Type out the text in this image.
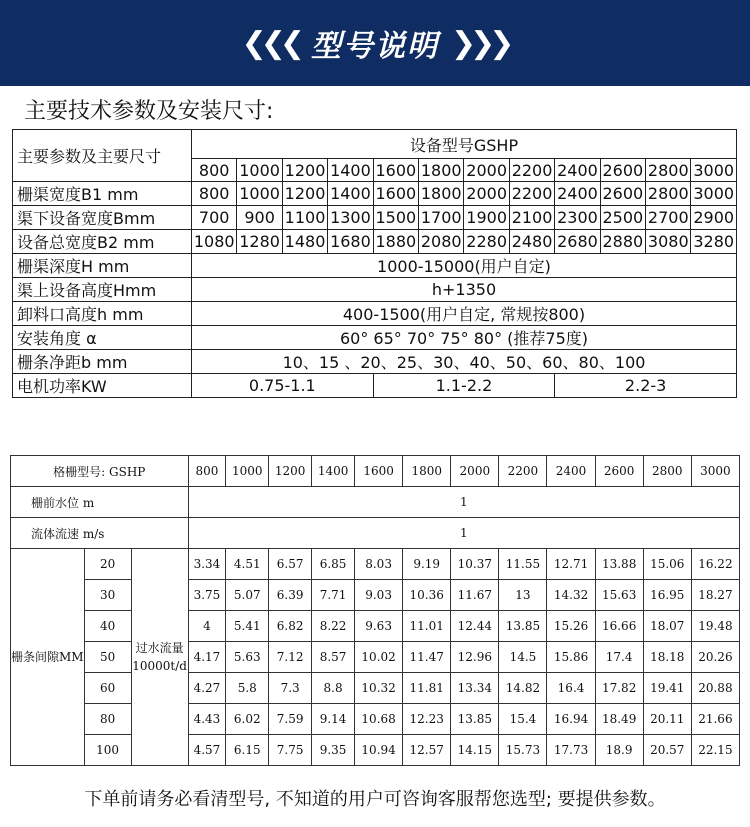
❮❮❮ 型号说明 ❯❯❯
主要技术参数及安装尺寸:
主要参数及主要尺寸	设备型号GSHP											
	800	1000	1200	1400	1600	1800	2000	2200	2400	2600	2800	3000
栅渠宽度B1 mm	800	1000	1200	1400	1600	1800	2000	2200	2400	2600	2800	3000
渠下设备宽度Bmm	700	900	1100	1300	1500	1700	1900	2100	2300	2500	2700	2900
设备总宽度B2 mm	1080	1280	1480	1680	1880	2080	2280	2480	2680	2880	3080	3280
栅渠深度H mm	1000-15000(用户自定)											
渠上设备高度Hmm	h+1350											
卸料口高度h mm	400-1500(用户自定, 常规按800)											
安装角度 α	60° 65° 70° 75° 80° (推荐75度)											
栅条净距b mm	10、15 、20、25、30、40、50、60、80、100											
电机功率KW	0.75-1.1				1.1-2.2				2.2-3			
格栅型号: GSHP			800	1000	1200	1400	1600	1800	2000	2200	2400	2600	2800	3000
栅前水位 m			1											
流体流速 m/s			1											
栅条间隙MM	20	过水流量10000t/d	3.34	4.51	6.57	6.85	8.03	9.19	10.37	11.55	12.71	13.88	15.06	16.22
	30		3.75	5.07	6.39	7.71	9.03	10.36	11.67	13	14.32	15.63	16.95	18.27
	40		4	5.41	6.82	8.22	9.63	11.01	12.44	13.85	15.26	16.66	18.07	19.48
	50		4.17	5.63	7.12	8.57	10.02	11.47	12.96	14.5	15.86	17.4	18.18	20.26
	60		4.27	5.8	7.3	8.8	10.32	11.81	13.34	14.82	16.4	17.82	19.41	20.88
	80		4.43	6.02	7.59	9.14	10.68	12.23	13.85	15.4	16.94	18.49	20.11	21.66
	100		4.57	6.15	7.75	9.35	10.94	12.57	14.15	15.73	17.73	18.9	20.57	22.15
下单前请务必看清型号, 不知道的用户可咨询客服帮您选型; 要提供参数。
